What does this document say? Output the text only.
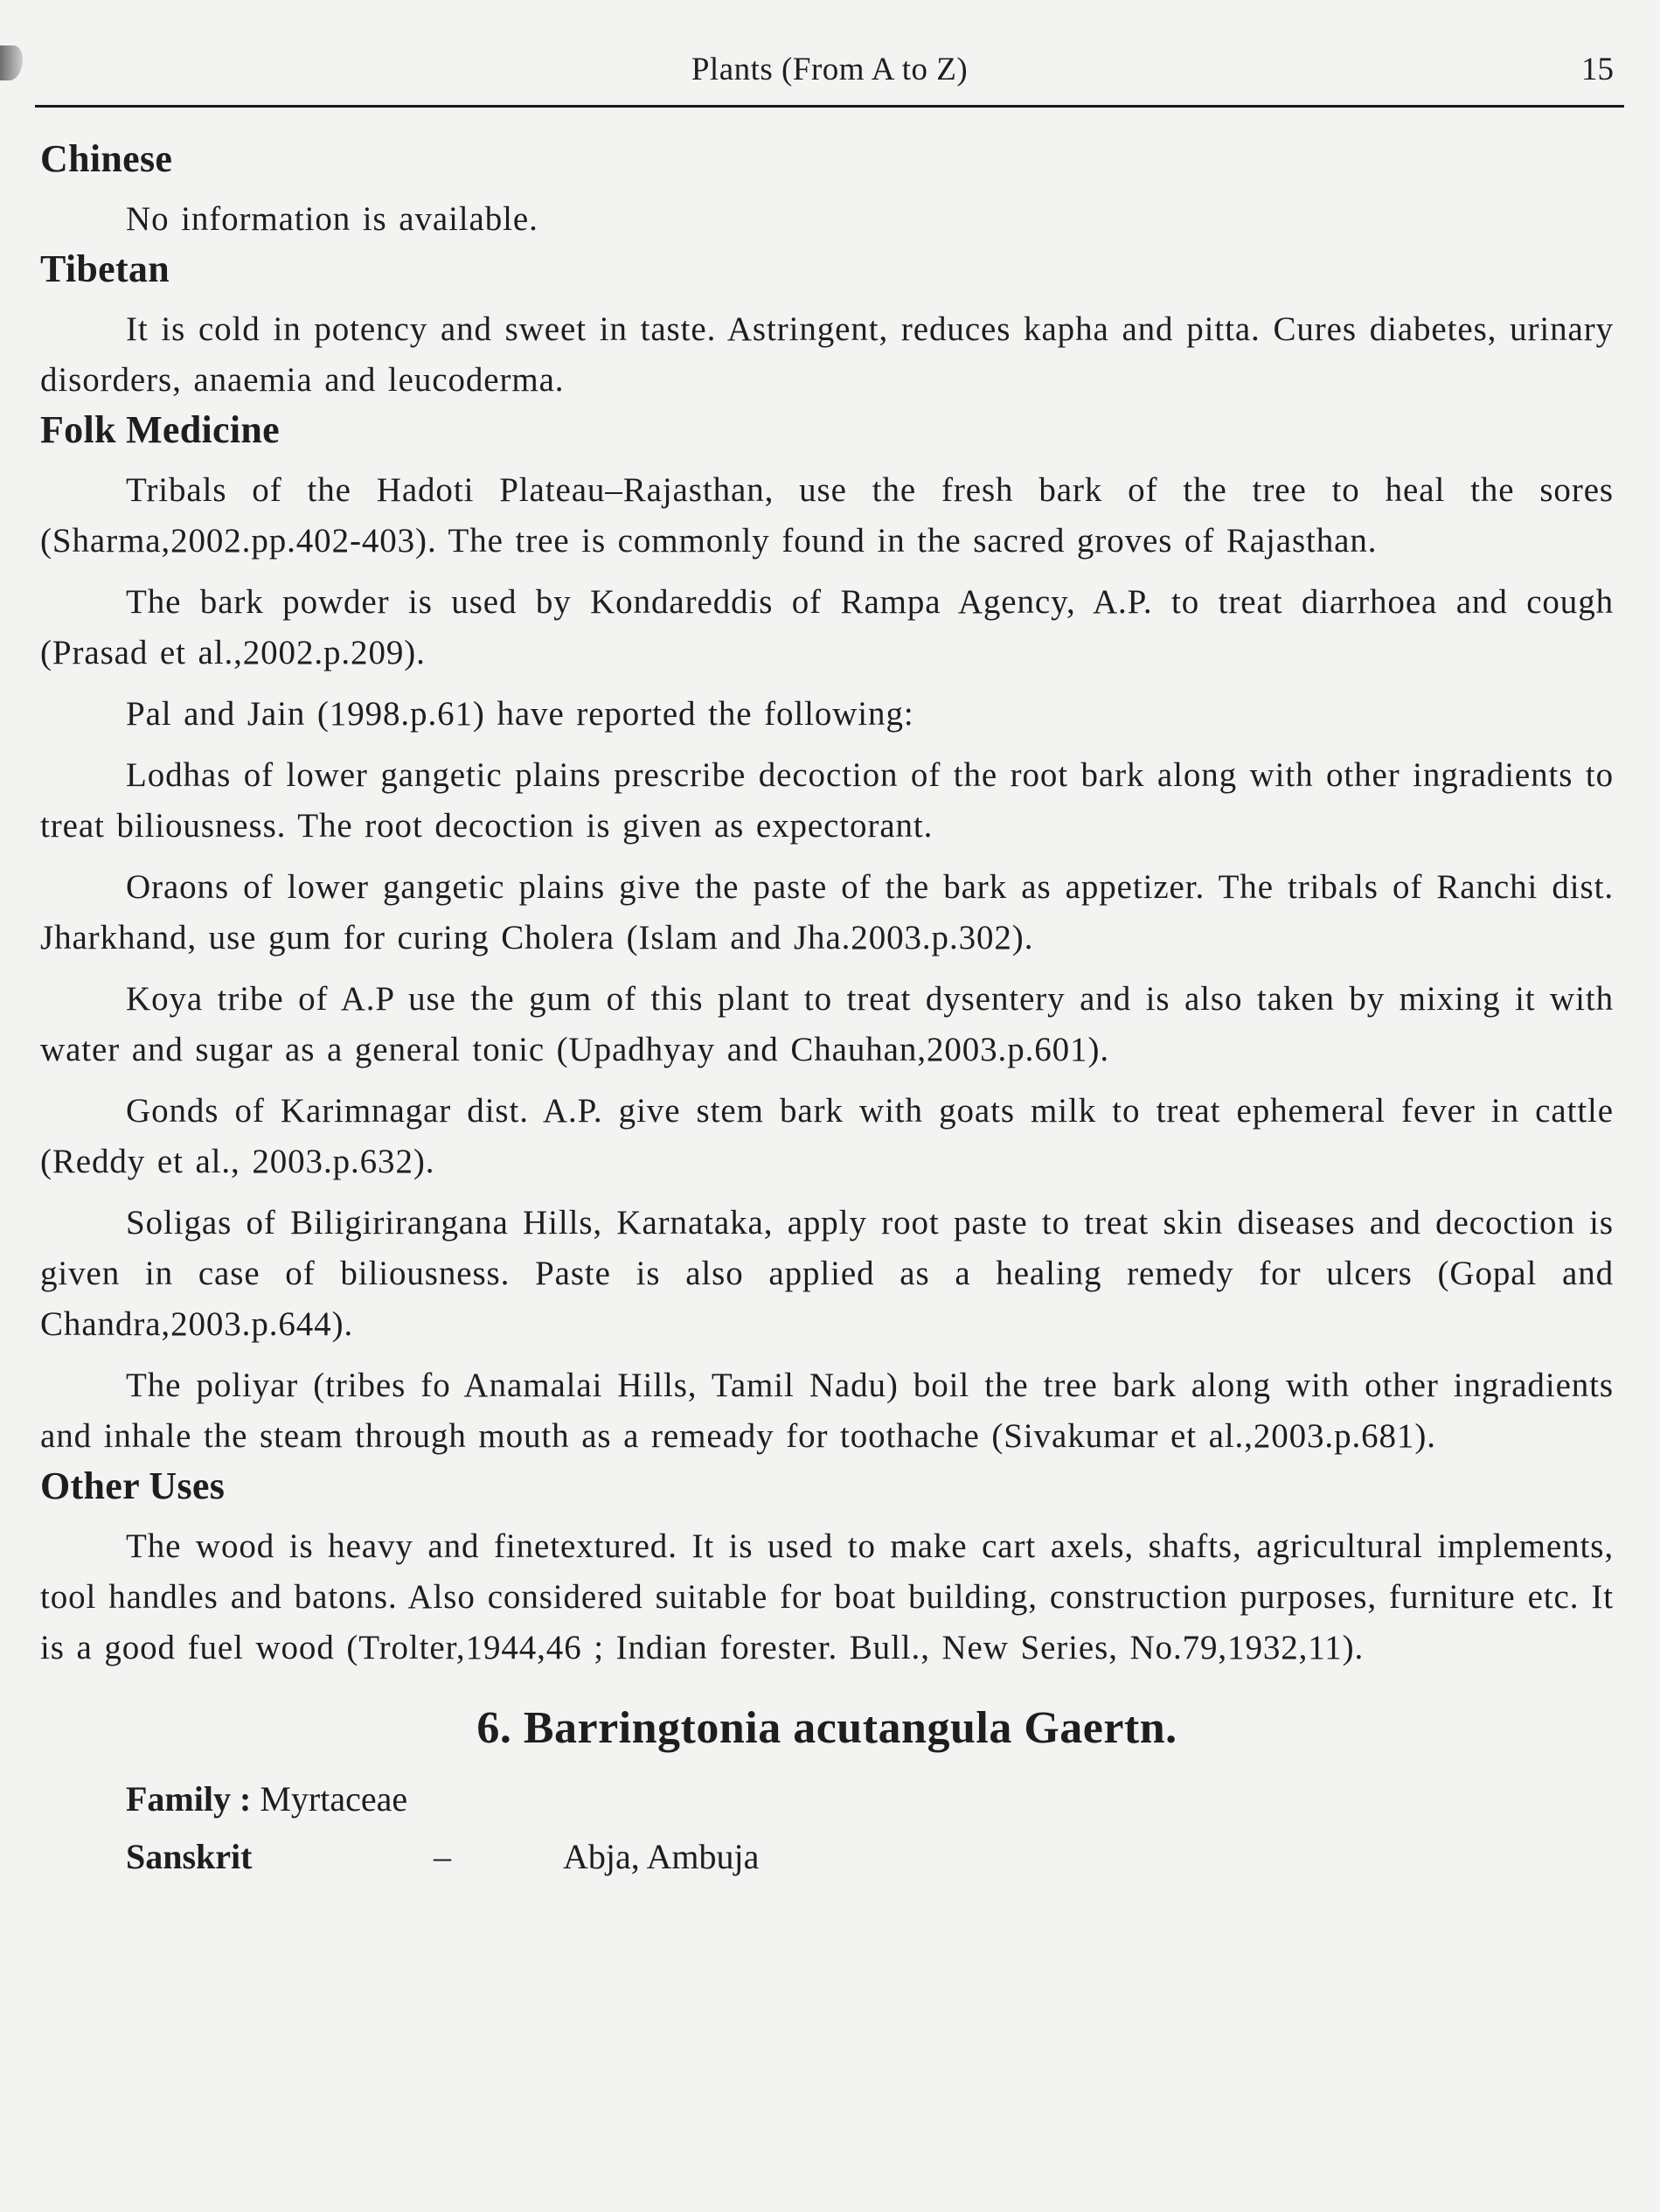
Plants (From A to Z)	15
Chinese

No information is available.

Tibetan

It is cold in potency and sweet in taste. Astringent, reduces kapha and pitta. Cures diabetes, urinary disorders, anaemia and leucoderma.

Folk Medicine

Tribals of the Hadoti Plateau–Rajasthan, use the fresh bark of the tree to heal the sores (Sharma,2002.pp.402-403). The tree is commonly found in the sacred groves of Rajasthan.

The bark powder is used by Kondareddis of Rampa Agency, A.P. to treat diarrhoea and cough (Prasad et al.,2002.p.209).

Pal and Jain (1998.p.61) have reported the following:

Lodhas of lower gangetic plains prescribe decoction of the root bark along with other ingradients to treat biliousness. The root decoction is given as expectorant.

Oraons of lower gangetic plains give the paste of the bark as appetizer. The tribals of Ranchi dist. Jharkhand, use gum for curing Cholera (Islam and Jha.2003.p.302).

Koya tribe of A.P use the gum of this plant to treat dysentery and is also taken by mixing it with water and sugar as a general tonic (Upadhyay and Chauhan,2003.p.601).

Gonds of Karimnagar dist. A.P. give stem bark with goats milk to treat ephemeral fever in cattle (Reddy et al., 2003.p.632).

Soligas of Biligirirangana Hills, Karnataka, apply root paste to treat skin diseases and decoction is given in case of biliousness. Paste is also applied as a healing remedy for ulcers (Gopal and Chandra,2003.p.644).

The poliyar (tribes fo Anamalai Hills, Tamil Nadu) boil the tree bark along with other ingradients and inhale the steam through mouth as a remeady for toothache (Sivakumar et al.,2003.p.681).

Other Uses

The wood is heavy and finetextured. It is used to make cart axels, shafts, agricultural implements, tool handles and batons. Also considered suitable for boat building, construction purposes, furniture etc. It is a good fuel wood (Trolter,1944,46 ; Indian forester. Bull., New Series, No.79,1932,11).

6. Barringtonia acutangula Gaertn.
Family : Myrtaceae
Sanskrit	–	Abja, Ambuja
